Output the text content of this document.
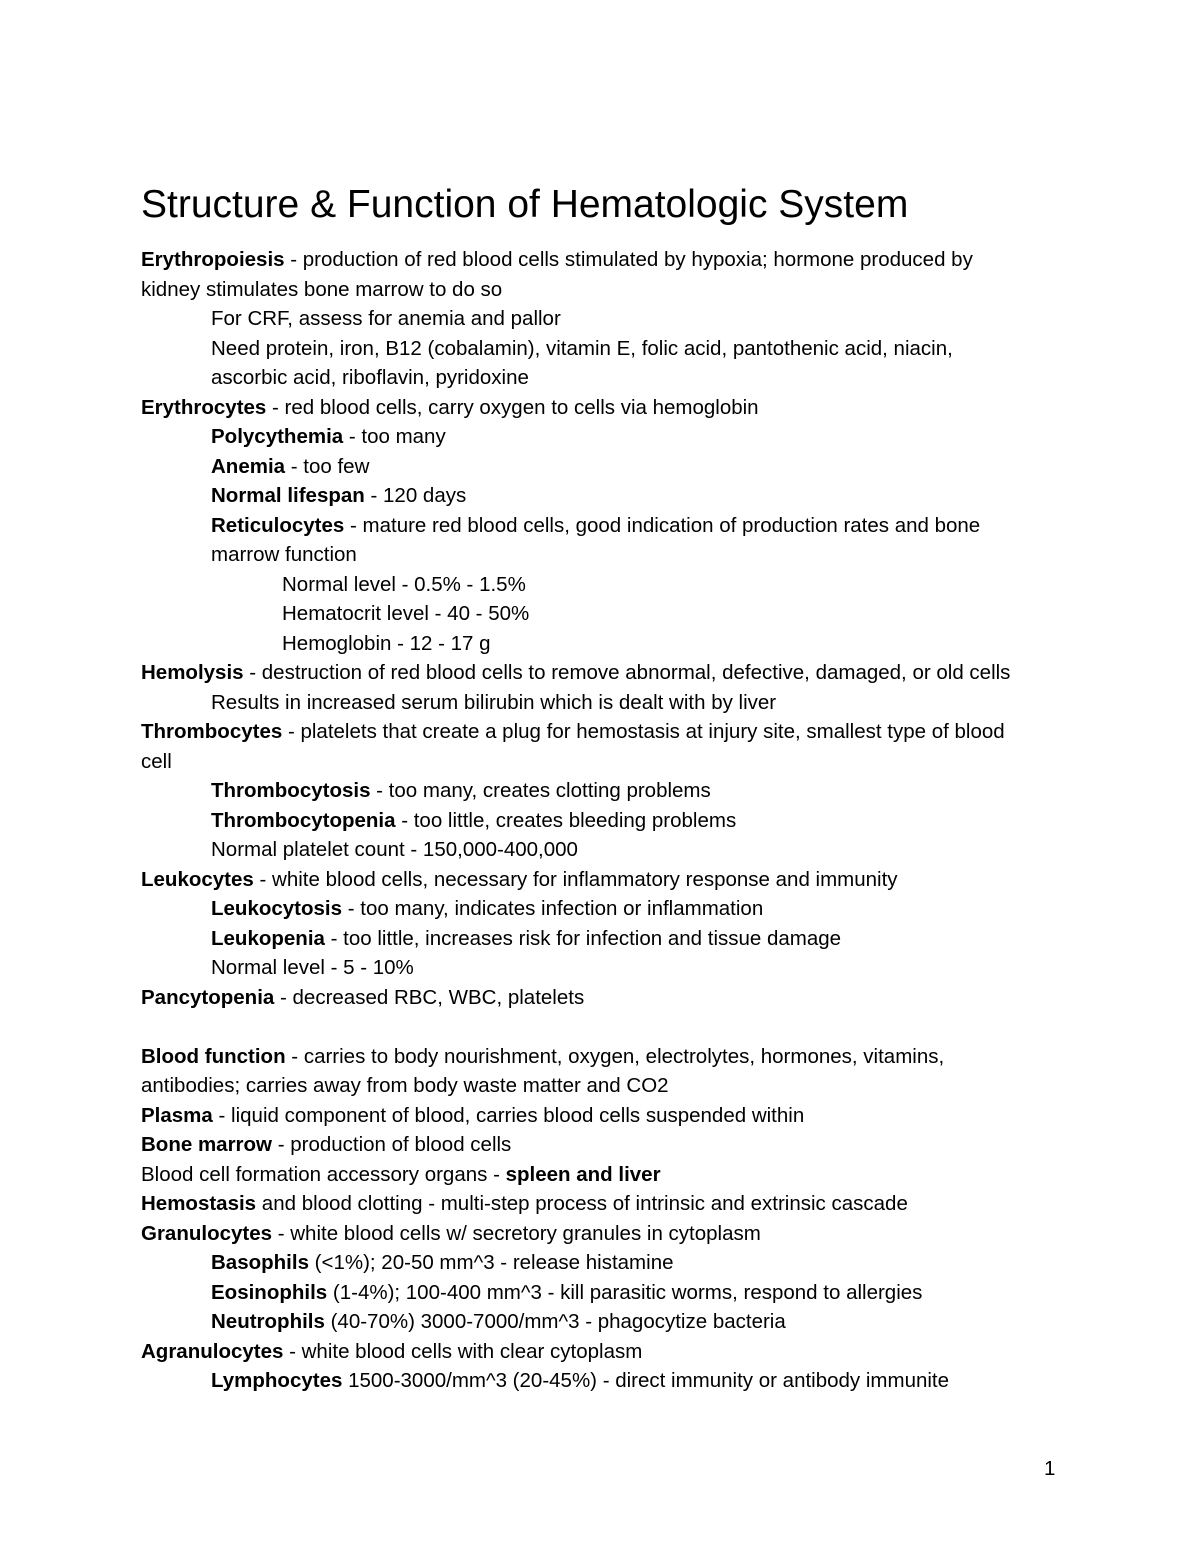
Structure & Function of Hematologic System
Erythropoiesis - production of red blood cells stimulated by hypoxia; hormone produced by
kidney stimulates bone marrow to do so
For CRF, assess for anemia and pallor
Need protein, iron, B12 (cobalamin), vitamin E, folic acid, pantothenic acid, niacin,
ascorbic acid, riboflavin, pyridoxine
Erythrocytes - red blood cells, carry oxygen to cells via hemoglobin
Polycythemia - too many
Anemia - too few
Normal lifespan - 120 days
Reticulocytes - mature red blood cells, good indication of production rates and bone
marrow function
Normal level - 0.5% - 1.5%
Hematocrit level - 40 - 50%
Hemoglobin - 12 - 17 g
Hemolysis - destruction of red blood cells to remove abnormal, defective, damaged, or old cells
Results in increased serum bilirubin which is dealt with by liver
Thrombocytes - platelets that create a plug for hemostasis at injury site, smallest type of blood
cell
Thrombocytosis - too many, creates clotting problems
Thrombocytopenia - too little, creates bleeding problems
Normal platelet count - 150,000-400,000
Leukocytes - white blood cells, necessary for inflammatory response and immunity
Leukocytosis - too many, indicates infection or inflammation
Leukopenia - too little, increases risk for infection and tissue damage
Normal level - 5 - 10%
Pancytopenia - decreased RBC, WBC, platelets
Blood function - carries to body nourishment, oxygen, electrolytes, hormones, vitamins,
antibodies; carries away from body waste matter and CO2
Plasma - liquid component of blood, carries blood cells suspended within
Bone marrow - production of blood cells
Blood cell formation accessory organs - spleen and liver
Hemostasis and blood clotting - multi-step process of intrinsic and extrinsic cascade
Granulocytes - white blood cells w/ secretory granules in cytoplasm
Basophils (<1%); 20-50 mm^3 - release histamine
Eosinophils (1-4%); 100-400 mm^3 - kill parasitic worms, respond to allergies
Neutrophils (40-70%) 3000-7000/mm^3 - phagocytize bacteria
Agranulocytes - white blood cells with clear cytoplasm
Lymphocytes 1500-3000/mm^3 (20-45%) - direct immunity or antibody immunite
1
